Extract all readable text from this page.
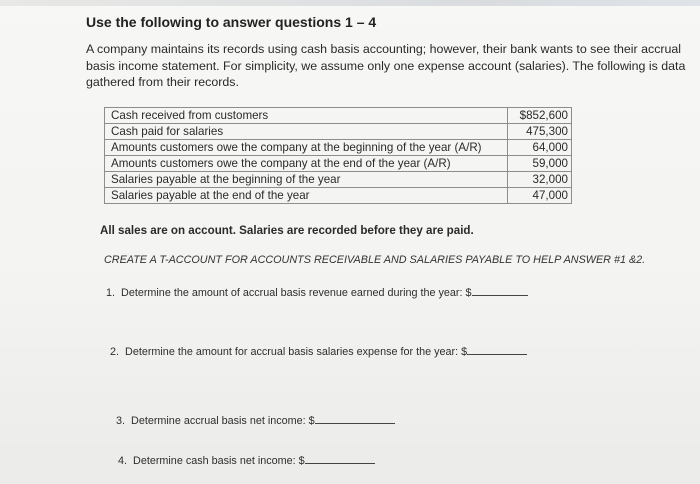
Use the following to answer questions 1 – 4
A company maintains its records using cash basis accounting; however, their bank wants to see their accrual basis income statement. For simplicity, we assume only one expense account (salaries). The following is data gathered from their records.
Cash received from customers		$852,600
Cash paid for salaries		475,300
Amounts customers owe the company at the beginning of the year (A/R)		64,000
Amounts customers owe the company at the end of the year (A/R)		59,000
Salaries payable at the beginning of the year		32,000
Salaries payable at the end of the year		47,000
All sales are on account. Salaries are recorded before they are paid.
CREATE A T-ACCOUNT FOR ACCOUNTS RECEIVABLE AND SALARIES PAYABLE TO HELP ANSWER #1 &2.
1. Determine the amount of accrual basis revenue earned during the year: $
2. Determine the amount for accrual basis salaries expense for the year: $
3. Determine accrual basis net income: $
4. Determine cash basis net income: $
